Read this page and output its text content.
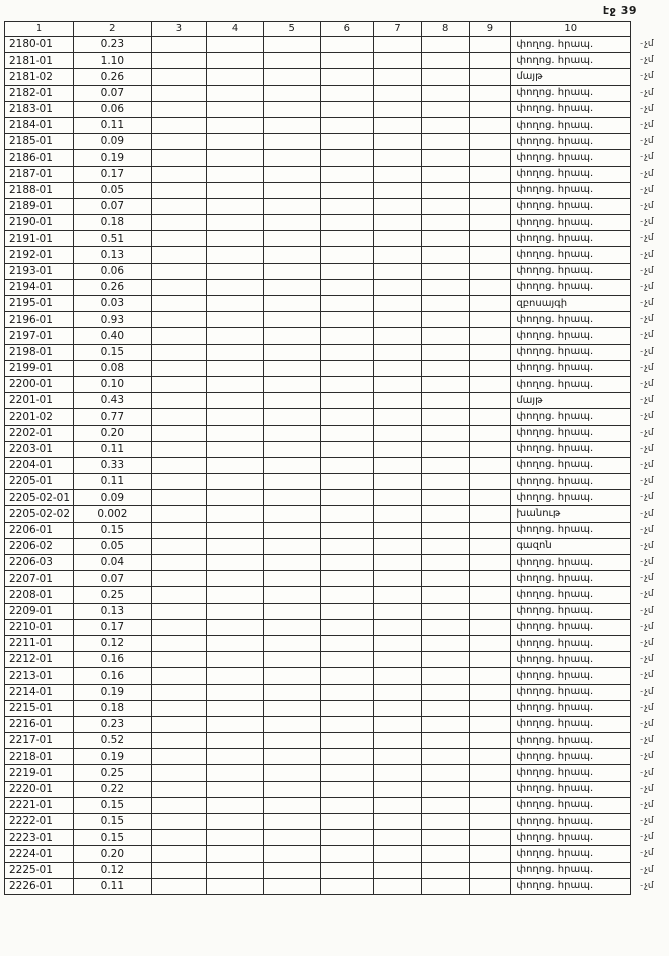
էջ 39
1	2	3	4	5	6	7	8	9	10	
2180-01	0.23								փողոց. հրապ.	֊ չմ
2181-01	1.10								փողոց. հրապ.	֊ չմ
2181-02	0.26								մայթ	֊ չմ
2182-01	0.07								փողոց. հրապ.	֊ չմ
2183-01	0.06								փողոց. հրապ.	֊ չմ
2184-01	0.11								փողոց. հրապ.	֊ չմ
2185-01	0.09								փողոց. հրապ.	֊ չմ
2186-01	0.19								փողոց. հրապ.	֊ չմ
2187-01	0.17								փողոց. հրապ.	֊ չմ
2188-01	0.05								փողոց. հրապ.	֊ չմ
2189-01	0.07								փողոց. հրապ.	֊ չմ
2190-01	0.18								փողոց. հրապ.	֊ չմ
2191-01	0.51								փողոց. հրապ.	֊ չմ
2192-01	0.13								փողոց. հրապ.	֊ չմ
2193-01	0.06								փողոց. հրապ.	֊ չմ
2194-01	0.26								փողոց. հրապ.	֊ չմ
2195-01	0.03								զբոսայգի	֊ չմ
2196-01	0.93								փողոց. հրապ.	֊ չմ
2197-01	0.40								փողոց. հրապ.	֊ չմ
2198-01	0.15								փողոց. հրապ.	֊ չմ
2199-01	0.08								փողոց. հրապ.	֊ չմ
2200-01	0.10								փողոց. հրապ.	֊ չմ
2201-01	0.43								մայթ	֊ չմ
2201-02	0.77								փողոց. հրապ.	֊ չմ
2202-01	0.20								փողոց. հրապ.	֊ չմ
2203-01	0.11								փողոց. հրապ.	֊ չմ
2204-01	0.33								փողոց. հրապ.	֊ չմ
2205-01	0.11								փողոց. հրապ.	֊ չմ
2205-02-01	0.09								փողոց. հրապ.	֊ չմ
2205-02-02	0.002								խանութ	֊ չմ
2206-01	0.15								փողոց. հրապ.	֊ չմ
2206-02	0.05								գազոն	֊ չմ
2206-03	0.04								փողոց. հրապ.	֊ չմ
2207-01	0.07								փողոց. հրապ.	֊ չմ
2208-01	0.25								փողոց. հրապ.	֊ չմ
2209-01	0.13								փողոց. հրապ.	֊ չմ
2210-01	0.17								փողոց. հրապ.	֊ չմ
2211-01	0.12								փողոց. հրապ.	֊ չմ
2212-01	0.16								փողոց. հրապ.	֊ չմ
2213-01	0.16								փողոց. հրապ.	֊ չմ
2214-01	0.19								փողոց. հրապ.	֊ չմ
2215-01	0.18								փողոց. հրապ.	֊ չմ
2216-01	0.23								փողոց. հրապ.	֊ չմ
2217-01	0.52								փողոց. հրապ.	֊ չմ
2218-01	0.19								փողոց. հրապ.	֊ չմ
2219-01	0.25								փողոց. հրապ.	֊ չմ
2220-01	0.22								փողոց. հրապ.	֊ չմ
2221-01	0.15								փողոց. հրապ.	֊ չմ
2222-01	0.15								փողոց. հրապ.	֊ չմ
2223-01	0.15								փողոց. հրապ.	֊ չմ
2224-01	0.20								փողոց. հրապ.	֊ չմ
2225-01	0.12								փողոց. հրապ.	֊ չմ
2226-01	0.11								փողոց. հրապ.	֊ չմ
